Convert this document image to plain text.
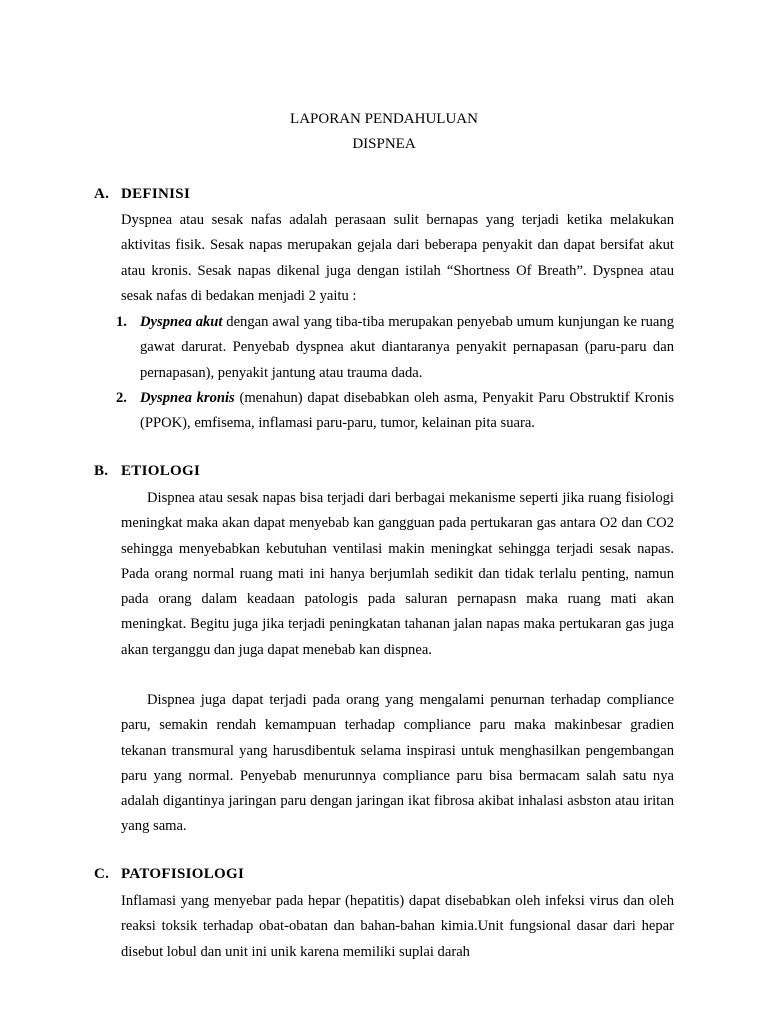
LAPORAN PENDAHULUAN
DISPNEA
A. DEFINISI

Dyspnea atau sesak nafas adalah perasaan sulit bernapas yang terjadi ketika melakukan aktivitas fisik. Sesak napas merupakan gejala dari beberapa penyakit dan dapat bersifat akut atau kronis. Sesak napas dikenal juga dengan istilah “Shortness Of Breath”. Dyspnea atau sesak nafas di bedakan menjadi 2 yaitu :

1. Dyspnea akut dengan awal yang tiba-tiba merupakan penyebab umum kunjungan ke ruang gawat darurat. Penyebab dyspnea akut diantaranya penyakit pernapasan (paru-paru dan pernapasan), penyakit jantung atau trauma dada.
2. Dyspnea kronis (menahun) dapat disebabkan oleh asma, Penyakit Paru Obstruktif Kronis (PPOK), emfisema, inflamasi paru-paru, tumor, kelainan pita suara.
B. ETIOLOGI

Dispnea atau sesak napas bisa terjadi dari berbagai mekanisme seperti jika ruang fisiologi meningkat maka akan dapat menyebab kan gangguan pada pertukaran gas antara O2 dan CO2 sehingga menyebabkan kebutuhan ventilasi makin meningkat sehingga terjadi sesak napas. Pada orang normal ruang mati ini hanya berjumlah sedikit dan tidak terlalu penting, namun pada orang dalam keadaan patologis pada saluran pernapasn maka ruang mati akan meningkat. Begitu juga jika terjadi peningkatan tahanan jalan napas maka pertukaran gas juga akan terganggu dan juga dapat menebab kan dispnea.

Dispnea juga dapat terjadi pada orang yang mengalami penurnan terhadap compliance paru, semakin rendah kemampuan terhadap compliance paru maka makinbesar gradien tekanan transmural yang harusdibentuk selama inspirasi untuk menghasilkan pengembangan paru yang normal. Penyebab menurunnya compliance paru bisa bermacam salah satu nya adalah digantinya jaringan paru dengan jaringan ikat fibrosa akibat inhalasi asbston atau iritan yang sama.

C. PATOFISIOLOGI

Inflamasi yang menyebar pada hepar (hepatitis) dapat disebabkan oleh infeksi virus dan oleh reaksi toksik terhadap obat-obatan dan bahan-bahan kimia.Unit fungsional dasar dari hepar disebut lobul dan unit ini unik karena memiliki suplai darah
